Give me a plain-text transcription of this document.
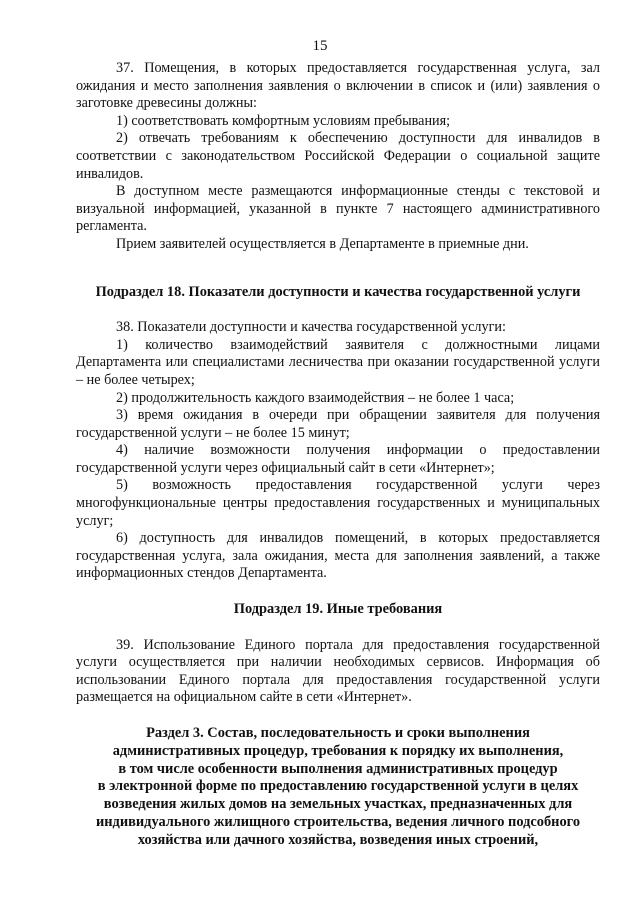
15

37. Помещения, в которых предоставляется государственная услуга, зал ожидания и место заполнения заявления о включении в список и (или) заявления о заготовке древесины должны:

1) соответствовать комфортным условиям пребывания;

2) отвечать требованиям к обеспечению доступности для инвалидов в соответствии с законодательством Российской Федерации о социальной защите инвалидов.

В доступном месте размещаются информационные стенды с текстовой и визуальной информацией, указанной в пункте 7 настоящего административного регламента.

Прием заявителей осуществляется в Департаменте в приемные дни.

Подраздел 18. Показатели доступности и качества государственной услуги

38. Показатели доступности и качества государственной услуги:

1) количество взаимодействий заявителя с должностными лицами Департамента или специалистами лесничества при оказании государственной услуги – не более четырех;

2) продолжительность каждого взаимодействия – не более 1 часа;

3) время ожидания в очереди при обращении заявителя для получения государственной услуги – не более 15 минут;

4) наличие возможности получения информации о предоставлении государственной услуги через официальный сайт в сети «Интернет»;

5) возможность предоставления государственной услуги через многофункциональные центры предоставления государственных и муниципальных услуг;

6) доступность для инвалидов помещений, в которых предоставляется государственная услуга, зала ожидания, места для заполнения заявлений, а также информационных стендов Департамента.

Подраздел 19. Иные требования

39. Использование Единого портала для предоставления государственной услуги осуществляется при наличии необходимых сервисов. Информация об использовании Единого портала для предоставления государственной услуги размещается на официальном сайте в сети «Интернет».

Раздел 3. Состав, последовательность и сроки выполнения
административных процедур, требования к порядку их выполнения,
в том числе особенности выполнения административных процедур
в электронной форме по предоставлению государственной услуги в целях
возведения жилых домов на земельных участках, предназначенных для
индивидуального жилищного строительства, ведения личного подсобного
хозяйства или дачного хозяйства, возведения иных строений,
